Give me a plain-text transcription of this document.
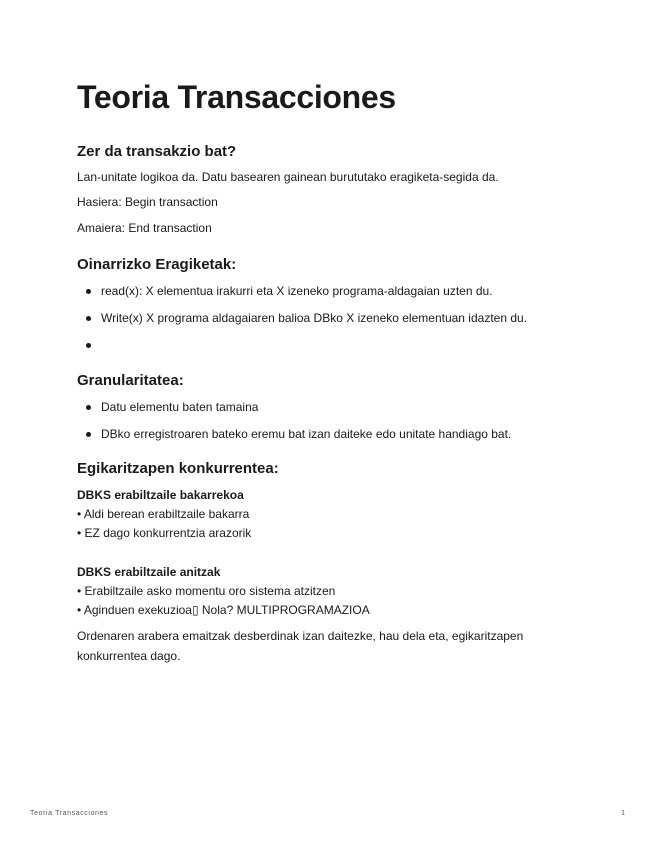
Teoria Transacciones
Zer da transakzio bat?
Lan-unitate logikoa da. Datu basearen gainean burututako eragiketa-segida da.
Hasiera: Begin transaction
Amaiera: End transaction
Oinarrizko Eragiketak:
read(x): X elementua irakurri eta X izeneko programa-aldagaian uzten du.
Write(x) X programa aldagaiaren balioa DBko X izeneko elementuan idazten du.
Granularitatea:
Datu elementu baten tamaina
DBko erregistroaren bateko eremu bat izan daiteke edo unitate handiago bat.
Egikaritzapen konkurrentea:
DBKS erabiltzaile bakarrekoa
• Aldi berean erabiltzaile bakarra
• EZ dago konkurrentzia arazorik
DBKS erabiltzaile anitzak
• Erabiltzaile asko momentu oro sistema atzitzen
• Aginduen exekuzioa▯ Nola? MULTIPROGRAMAZIOA
Ordenaren arabera emaitzak desberdinak izan daitezke, hau dela eta, egikaritzapen konkurrentea dago.
Teoria Transacciones	1
